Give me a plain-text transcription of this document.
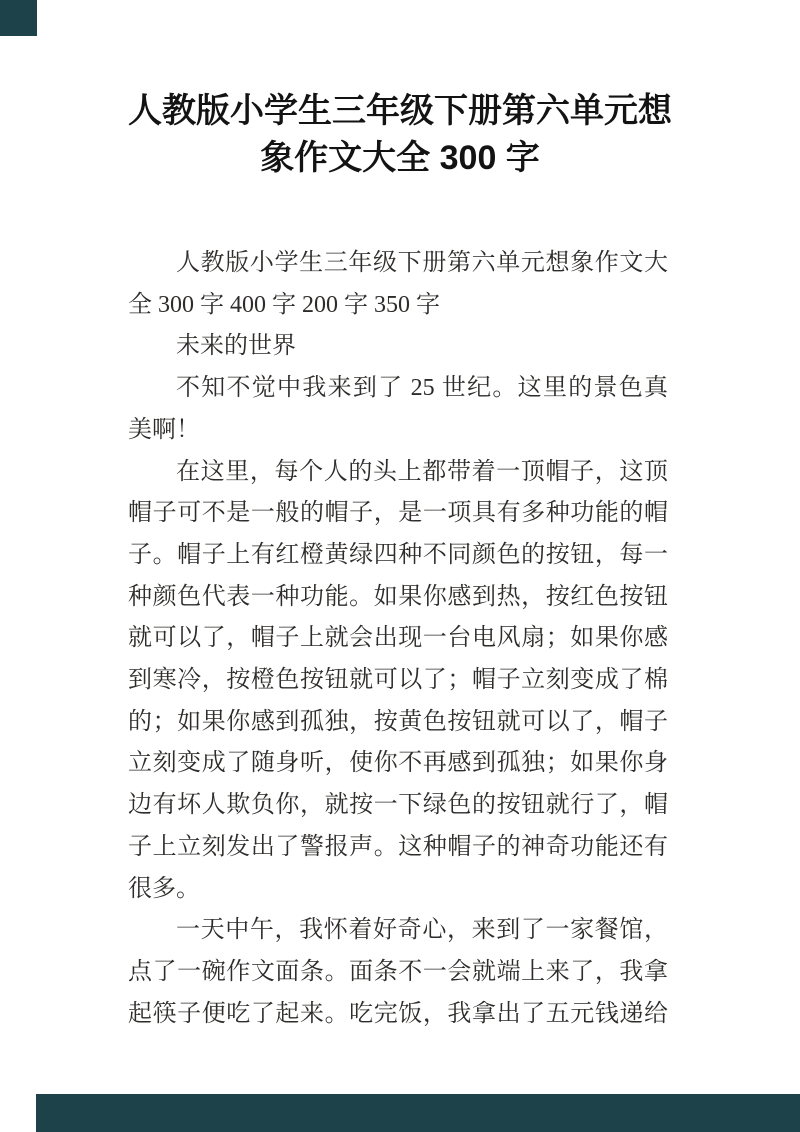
人教版小学生三年级下册第六单元想
象作文大全 300 字
人教版小学生三年级下册第六单元想象作文大
全 300 字 400 字 200 字 350 字
未来的世界
不知不觉中我来到了 25 世纪。这里的景色真
美啊！
在这里，每个人的头上都带着一顶帽子，这顶
帽子可不是一般的帽子，是一项具有多种功能的帽
子。帽子上有红橙黄绿四种不同颜色的按钮，每一
种颜色代表一种功能。如果你感到热，按红色按钮
就可以了，帽子上就会出现一台电风扇；如果你感
到寒冷，按橙色按钮就可以了；帽子立刻变成了棉
的；如果你感到孤独，按黄色按钮就可以了，帽子
立刻变成了随身听，使你不再感到孤独；如果你身
边有坏人欺负你，就按一下绿色的按钮就行了，帽
子上立刻发出了警报声。这种帽子的神奇功能还有
很多。
一天中午，我怀着好奇心，来到了一家餐馆，
点了一碗作文面条。面条不一会就端上来了，我拿
起筷子便吃了起来。吃完饭，我拿出了五元钱递给
